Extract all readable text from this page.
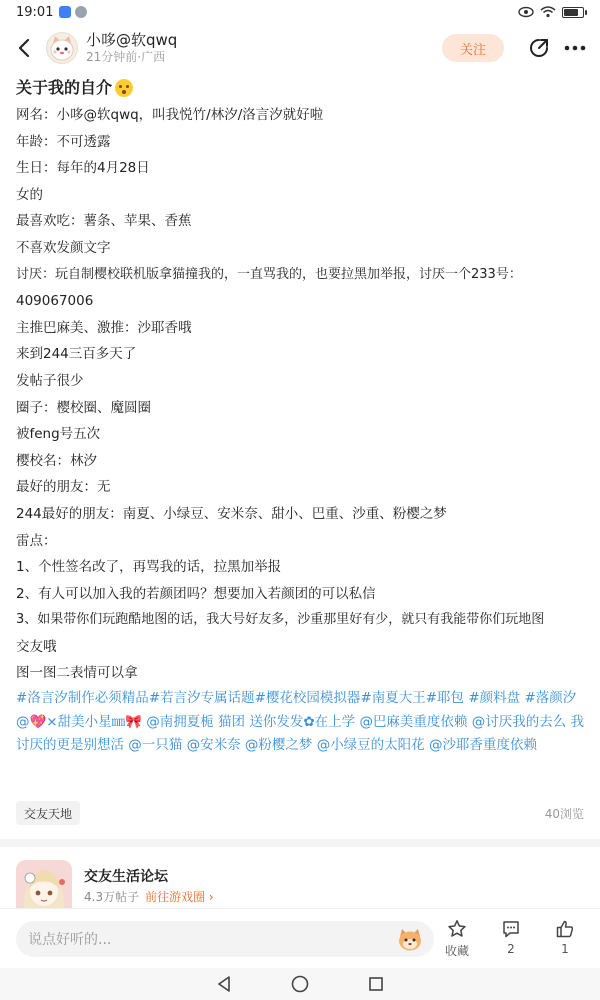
19:01
小哆@软qwq
21分钟前·广西
关注
关于我的自介
网名：小哆@软qwq，叫我悦竹/林汐/洛言汐就好啦
年龄：不可透露
生日：每年的4月28日
女的
最喜欢吃：薯条、苹果、香蕉
不喜欢发颜文字
讨厌：玩自制樱校联机版拿猫撞我的，一直骂我的，也要拉黑加举报，讨厌一个233号：
409067006
主推巴麻美、激推：沙耶香哦
来到244三百多天了
发帖子很少
圈子：樱校圈、魔圆圈
被feng号五次
樱校名：林汐
最好的朋友：无
244最好的朋友：南夏、小绿豆、安米奈、甜小、巴重、沙重、粉樱之梦
雷点：
1、个性签名改了，再骂我的话，拉黑加举报
2、有人可以加入我的若颜团吗？想要加入若颜团的可以私信
3、如果带你们玩跑酷地图的话，我大号好友多，沙重那里好有少，就只有我能带你们玩地图
交友哦
图一图二表情可以拿
#洛言汐制作必须精品#若言汐专属话题#樱花校园模拟器#南夏大王#耶包 #颜料盘 #落颜汐 @💖×甜美小星㎜🎀 @南拥夏栀 猫团 送你发发✿在上学 @巴麻美重度依赖 @讨厌我的去么 我讨厌的更是别想活 @一只猫 @安米奈 @粉樱之梦 @小绿豆的太阳花 @沙耶香重度依赖
交友天地	40浏览
交友生活论坛
4.3万帖子 前往游戏圈 ›
说点好听的...
收藏	2	1
